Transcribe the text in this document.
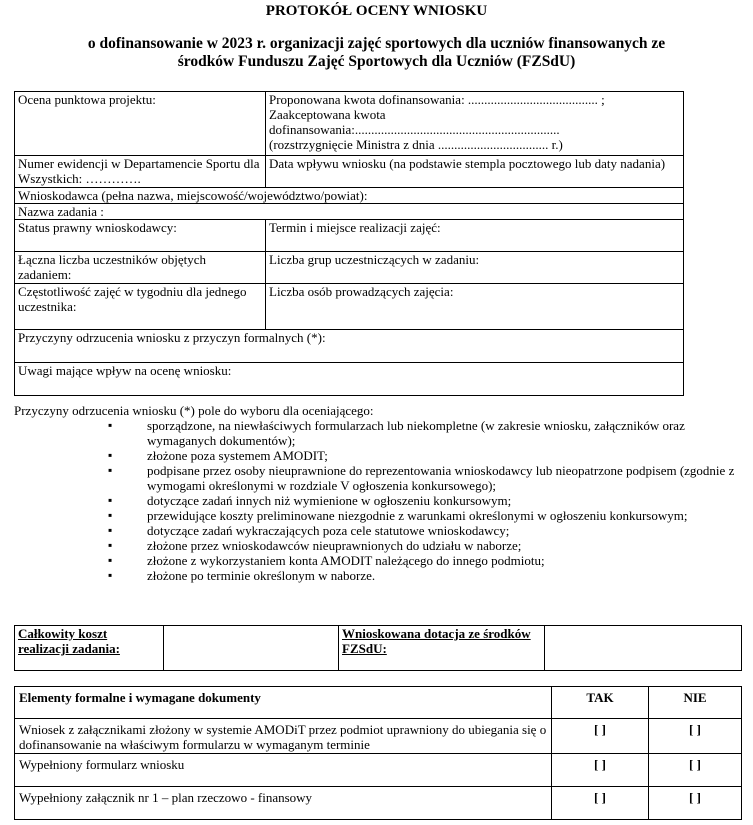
PROTOKÓŁ OCENY WNIOSKU
o dofinansowanie w 2023 r. organizacji zajęć sportowych dla uczniów finansowanych ze
środków Funduszu Zajęć Sportowych dla Uczniów (FZSdU)
Ocena punktowa projektu:	Proponowana kwota dofinansowania: ........................................ ;
Zaakceptowana kwota
dofinansowania:...............................................................
(rozstrzygnięcie Ministra z dnia .................................. r.)

Numer ewidencji w Departamencie Sportu dla Wszystkich: ………….	Data wpływu wniosku (na podstawie stempla pocztowego lub daty nadania)
Wnioskodawca (pełna nazwa, miejscowość/województwo/powiat):	
Nazwa zadania :	
Status prawny wnioskodawcy:	Termin i miejsce realizacji zajęć:
Łączna liczba uczestników objętych zadaniem:	Liczba grup uczestniczących w zadaniu:
Częstotliwość zajęć w tygodniu dla jednego uczestnika:	Liczba osób prowadzących zajęcia:
Przyczyny odrzucenia wniosku z przyczyn formalnych (*):	
Uwagi mające wpływ na ocenę wniosku:	
Przyczyny odrzucenia wniosku (*) pole do wyboru dla oceniającego:
▪ sporządzone, na niewłaściwych formularzach lub niekompletne (w zakresie wniosku, załączników oraz wymaganych dokumentów);
▪ złożone poza systemem AMODIT;
▪ podpisane przez osoby nieuprawnione do reprezentowania wnioskodawcy lub nieopatrzone podpisem (zgodnie z wymogami określonymi w rozdziale V ogłoszenia konkursowego);
▪ dotyczące zadań innych niż wymienione w ogłoszeniu konkursowym;
▪ przewidujące koszty preliminowane niezgodnie z warunkami określonymi w ogłoszeniu konkursowym;
▪ dotyczące zadań wykraczających poza cele statutowe wnioskodawcy;
▪ złożone przez wnioskodawców nieuprawnionych do udziału w naborze;
▪ złożone z wykorzystaniem konta AMODIT należącego do innego podmiotu;
▪ złożone po terminie określonym w naborze.
Całkowity koszt realizacji zadania:		Wnioskowana dotacja ze środków FZSdU:	
Elementy formalne i wymagane dokumenty	TAK	NIE
Wniosek z załącznikami złożony w systemie AMODiT przez podmiot uprawniony do ubiegania się o dofinansowanie na właściwym formularzu w wymaganym terminie	[ ]	[ ]
Wypełniony formularz wniosku	[ ]	[ ]
Wypełniony załącznik nr 1 – plan rzeczowo - finansowy	[ ]	[ ]
